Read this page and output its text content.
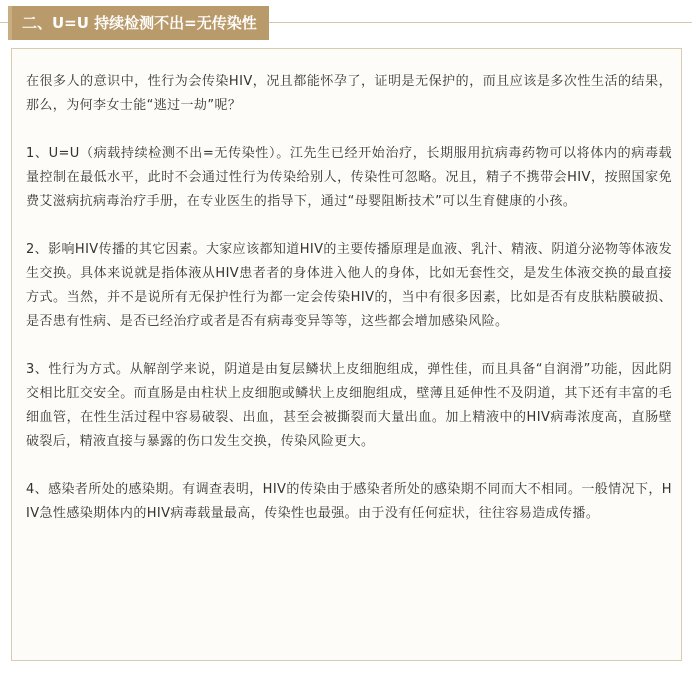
二、U=U 持续检测不出=无传染性

在很多人的意识中，性行为会传染HIV，况且都能怀孕了，证明是无保护的，而且应该是多次性生活的结果，那么，为何李女士能“逃过一劫”呢？

1、U=U（病载持续检测不出=无传染性）。江先生已经开始治疗，长期服用抗病毒药物可以将体内的病毒载量控制在最低水平，此时不会通过性行为传染给别人，传染性可忽略。况且，精子不携带会HIV，按照国家免费艾滋病抗病毒治疗手册，在专业医生的指导下，通过“母婴阻断技术”可以生育健康的小孩。

2、影响HIV传播的其它因素。大家应该都知道HIV的主要传播原理是血液、乳汁、精液、阴道分泌物等体液发生交换。具体来说就是指体液从HIV患者者的身体进入他人的身体，比如无套性交，是发生体液交换的最直接方式。当然，并不是说所有无保护性行为都一定会传染HIV的，当中有很多因素，比如是否有皮肤粘膜破损、是否患有性病、是否已经治疗或者是否有病毒变异等等，这些都会增加感染风险。

3、性行为方式。从解剖学来说，阴道是由复层鳞状上皮细胞组成，弹性佳，而且具备“自润滑”功能，因此阴交相比肛交安全。而直肠是由柱状上皮细胞或鳞状上皮细胞组成，壁薄且延伸性不及阴道，其下还有丰富的毛细血管，在性生活过程中容易破裂、出血，甚至会被撕裂而大量出血。加上精液中的HIV病毒浓度高，直肠壁破裂后，精液直接与暴露的伤口发生交换，传染风险更大。

4、感染者所处的感染期。有调查表明，HIV的传染由于感染者所处的感染期不同而大不相同。一般情况下，HIV急性感染期体内的HIV病毒载量最高，传染性也最强。由于没有任何症状，往往容易造成传播。
